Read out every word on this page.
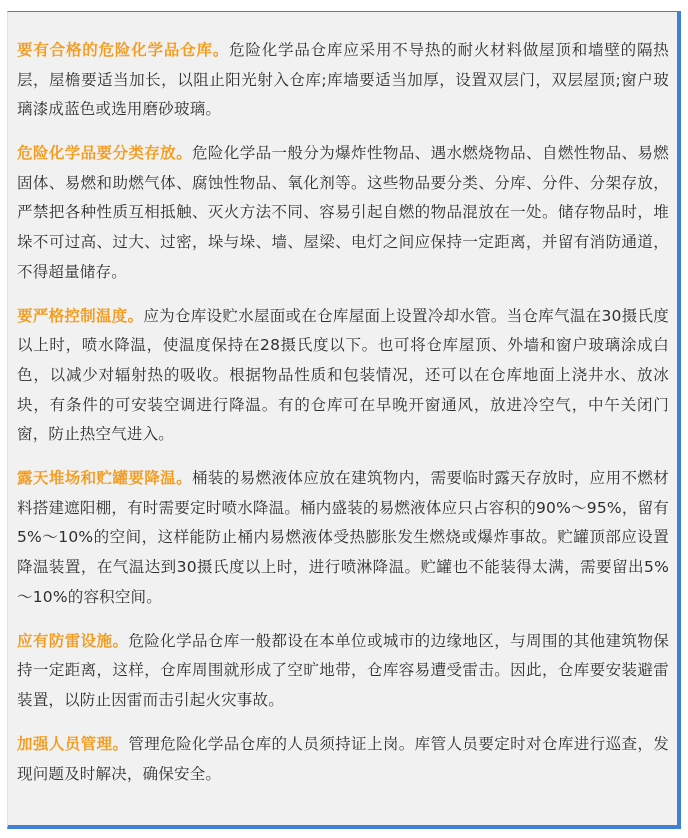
要有合格的危险化学品仓库。危险化学品仓库应采用不导热的耐火材料做屋顶和墙壁的隔热层，屋檐要适当加长，以阻止阳光射入仓库;库墙要适当加厚，设置双层门，双层屋顶;窗户玻璃漆成蓝色或选用磨砂玻璃。

危险化学品要分类存放。危险化学品一般分为爆炸性物品、遇水燃烧物品、自燃性物品、易燃固体、易燃和助燃气体、腐蚀性物品、氧化剂等。这些物品要分类、分库、分件、分架存放，严禁把各种性质互相抵触、灭火方法不同、容易引起自燃的物品混放在一处。储存物品时，堆垛不可过高、过大、过密，垛与垛、墙、屋梁、电灯之间应保持一定距离，并留有消防通道，不得超量储存。

要严格控制温度。应为仓库设贮水屋面或在仓库屋面上设置冷却水管。当仓库气温在30摄氏度以上时，喷水降温，使温度保持在28摄氏度以下。也可将仓库屋顶、外墙和窗户玻璃涂成白色，以减少对辐射热的吸收。根据物品性质和包装情况，还可以在仓库地面上浇井水、放冰块，有条件的可安装空调进行降温。有的仓库可在早晚开窗通风，放进冷空气，中午关闭门窗，防止热空气进入。

露天堆场和贮罐要降温。桶装的易燃液体应放在建筑物内，需要临时露天存放时，应用不燃材料搭建遮阳棚，有时需要定时喷水降温。桶内盛装的易燃液体应只占容积的90%～95%，留有5%～10%的空间，这样能防止桶内易燃液体受热膨胀发生燃烧或爆炸事故。贮罐顶部应设置降温装置，在气温达到30摄氏度以上时，进行喷淋降温。贮罐也不能装得太满，需要留出5%～10%的容积空间。

应有防雷设施。危险化学品仓库一般都设在本单位或城市的边缘地区，与周围的其他建筑物保持一定距离，这样，仓库周围就形成了空旷地带，仓库容易遭受雷击。因此，仓库要安装避雷装置，以防止因雷而击引起火灾事故。

加强人员管理。管理危险化学品仓库的人员须持证上岗。库管人员要定时对仓库进行巡查，发现问题及时解决，确保安全。
